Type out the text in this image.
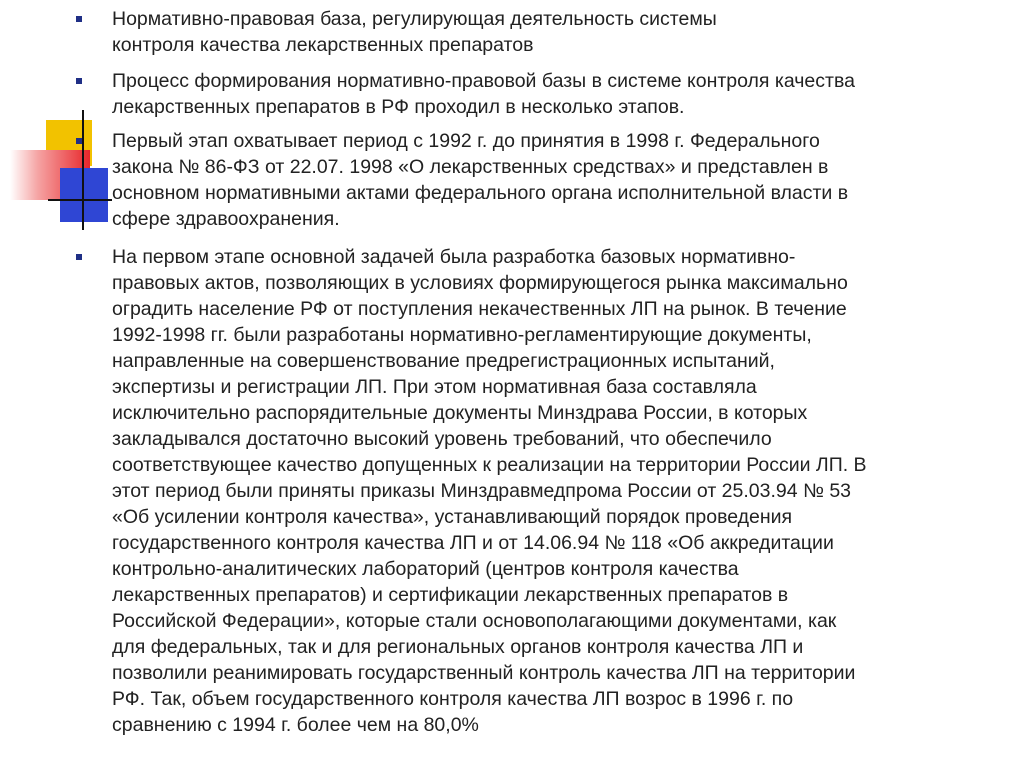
Нормативно-правовая база, регулирующая деятельность системы
контроля качества лекарственных препаратов
Процесс формирования нормативно-правовой базы в системе контроля качества
лекарственных препаратов в РФ проходил в несколько этапов.
Первый этап охватывает период с 1992 г. до принятия в 1998 г. Федерального
закона № 86-ФЗ от 22.07. 1998 «О лекарственных средствах» и представлен в
основном нормативными актами федерального органа исполнительной власти в
сфере здравоохранения.
На первом этапе основной задачей была разработка базовых нормативно-
правовых актов, позволяющих в условиях формирующегося рынка максимально
оградить население РФ от поступления некачественных ЛП на рынок. В течение
1992-1998 гг. были разработаны нормативно-регламентирующие документы,
направленные на совершенствование предрегистрационных испытаний,
экспертизы и регистрации ЛП. При этом нормативная база составляла
исключительно распорядительные документы Минздрава России, в которых
закладывался достаточно высокий уровень требований, что обеспечило
соответствующее качество допущенных к реализации на территории России ЛП. В
этот период были приняты приказы Минздравмедпрома России от 25.03.94 № 53
«Об усилении контроля качества», устанавливающий порядок проведения
государственного контроля качества ЛП и от 14.06.94 № 118 «Об аккредитации
контрольно-аналитических лабораторий (центров контроля качества
лекарственных препаратов) и сертификации лекарственных препаратов в
Российской Федерации», которые стали основополагающими документами, как
для федеральных, так и для региональных органов контроля качества ЛП и
позволили реанимировать государственный контроль качества ЛП на территории
РФ. Так, объем государственного контроля качества ЛП возрос в 1996 г. по
сравнению с 1994 г. более чем на 80,0%
